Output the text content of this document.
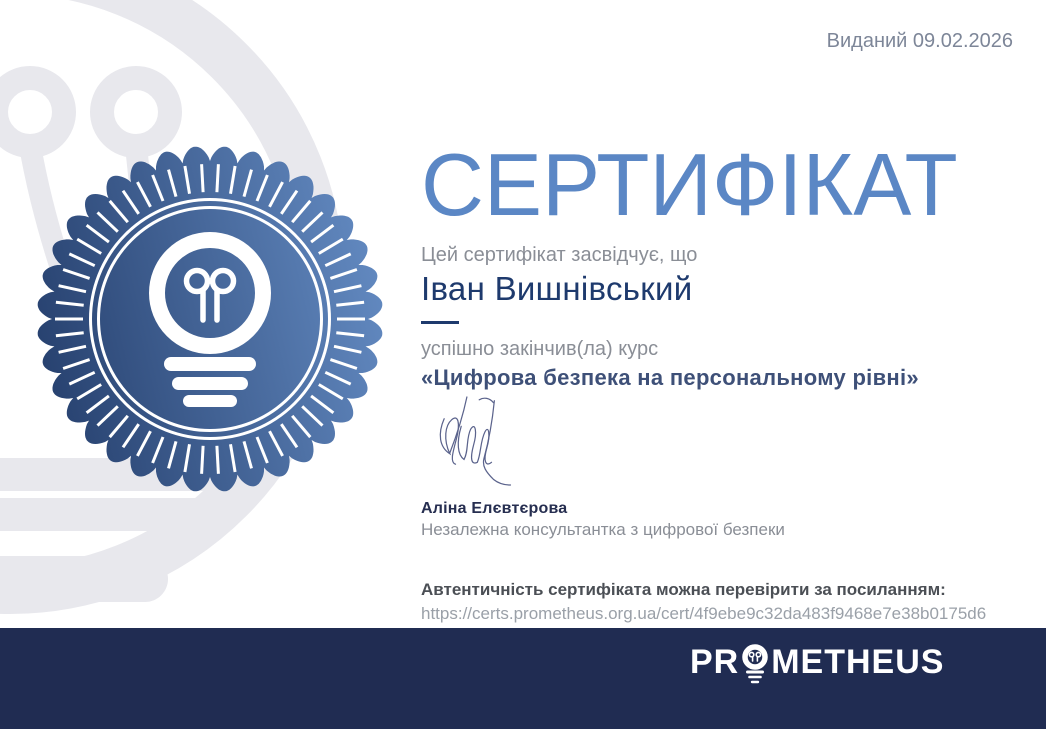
Виданий 09.02.2026
СЕРТИФІКАТ
Цей сертифікат засвідчує, що
Іван Вишнівський
успішно закінчив(ла) курс
«Цифрова безпека на персональному рівні»
Аліна Елєвтєрова
Незалежна консультантка з цифрової безпеки
Автентичність сертифіката можна перевірити за посиланням:
https://certs.prometheus.org.ua/cert/4f9ebe9c32da483f9468e7e38b0175d6
PR METHEUS
